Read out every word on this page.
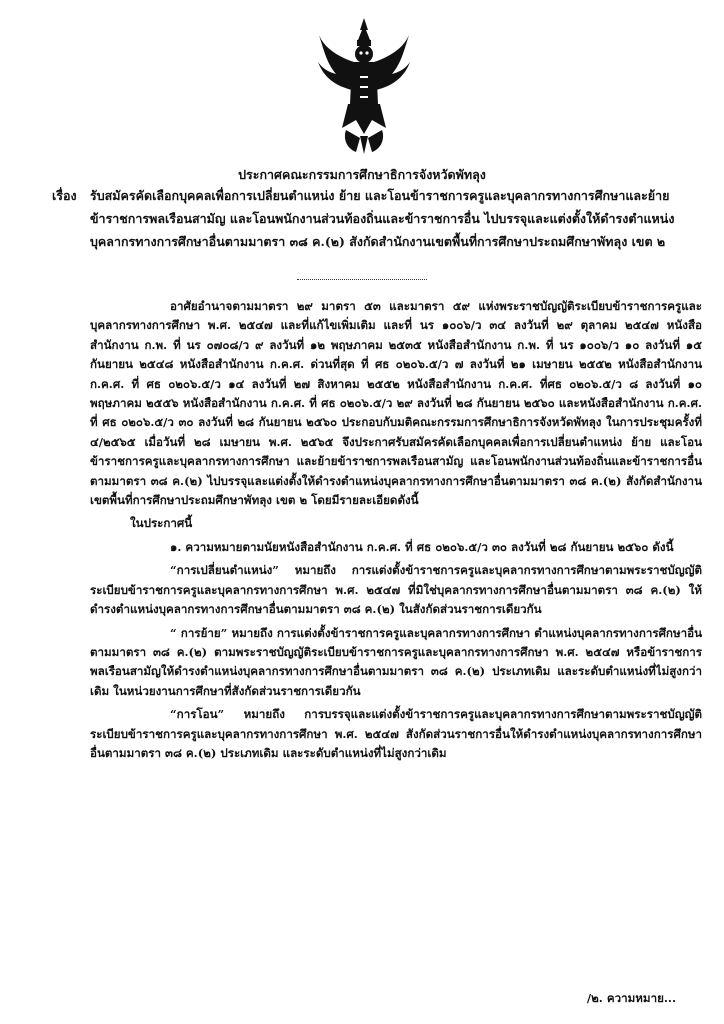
ประกาศคณะกรรมการศึกษาธิการจังหวัดพัทลุง
เรื่อง รับสมัครคัดเลือกบุคคลเพื่อการเปลี่ยนตำแหน่ง ย้าย และโอนข้าราชการครูและบุคลากรทางการศึกษาและย้ายข้าราชการพลเรือนสามัญ และโอนพนักงานส่วนท้องถิ่นและข้าราชการอื่น ไปบรรจุและแต่งตั้งให้ดำรงตำแหน่งบุคลากรทางการศึกษาอื่นตามมาตรา ๓๘ ค.(๒) สังกัดสำนักงานเขตพื้นที่การศึกษาประถมศึกษาพัทลุง เขต ๒

อาศัยอำนาจตามมาตรา ๒๙ มาตรา ๕๓ และมาตรา ๕๙ แห่งพระราชบัญญัติระเบียบข้าราชการครูและบุคลากรทางการศึกษา พ.ศ. ๒๕๔๗ และที่แก้ไขเพิ่มเติม และที่ นร ๑๐๐๖/ว ๓๔ ลงวันที่ ๒๙ ตุลาคม ๒๕๔๗ หนังสือสำนักงาน ก.พ. ที่ นร ๐๗๐๘/ว ๙ ลงวันที่ ๑๒ พฤษภาคม ๒๕๓๕ หนังสือสำนักงาน ก.พ. ที่ นร ๑๐๐๖/ว ๑๐ ลงวันที่ ๑๕ กันยายน ๒๕๔๘ หนังสือสำนักงาน ก.ค.ศ. ด่วนที่สุด ที่ ศธ ๐๒๐๖.๕/ว ๗ ลงวันที่ ๒๑ เมษายน ๒๕๕๒ หนังสือสำนักงาน ก.ค.ศ. ที่ ศธ ๐๒๐๖.๕/ว ๑๔ ลงวันที่ ๒๗ สิงหาคม ๒๕๕๒ หนังสือสำนักงาน ก.ค.ศ. ที่ศธ ๐๒๐๖.๕/ว ๘ ลงวันที่ ๑๐ พฤษภาคม ๒๕๕๖ หนังสือสำนักงาน ก.ค.ศ. ที่ ศธ ๐๒๐๖.๕/ว ๒๙ ลงวันที่ ๒๘ กันยายน ๒๕๖๐ และหนังสือสำนักงาน ก.ค.ศ. ที่ ศธ ๐๒๐๖.๕/ว ๓๐ ลงวันที่ ๒๘ กันยายน ๒๕๖๐ ประกอบกับมติคณะกรรมการศึกษาธิการจังหวัดพัทลุง ในการประชุมครั้งที่ ๔/๒๕๖๕ เมื่อวันที่ ๒๘ เมษายน พ.ศ. ๒๕๖๕ จึงประกาศรับสมัครคัดเลือกบุคคลเพื่อการเปลี่ยนตำแหน่ง ย้าย และโอนข้าราชการครูและบุคลากรทางการศึกษา และย้ายข้าราชการพลเรือนสามัญ และโอนพนักงานส่วนท้องถิ่นและข้าราชการอื่นตามมาตรา ๓๘ ค.(๒) ไปบรรจุและแต่งตั้งให้ดำรงตำแหน่งบุคลากรทางการศึกษาอื่นตามมาตรา ๓๘ ค.(๒) สังกัดสำนักงานเขตพื้นที่การศึกษาประถมศึกษาพัทลุง เขต ๒ โดยมีรายละเอียดดังนี้

ในประกาศนี้

๑. ความหมายตามนัยหนังสือสำนักงาน ก.ค.ศ. ที่ ศธ ๐๒๐๖.๕/ว ๓๐ ลงวันที่ ๒๘ กันยายน ๒๕๖๐ ดังนี้

“การเปลี่ยนตำแหน่ง” หมายถึง การแต่งตั้งข้าราชการครูและบุคลากรทางการศึกษาตามพระราชบัญญัติระเบียบข้าราชการครูและบุคลากรทางการศึกษา พ.ศ. ๒๕๔๗ ที่มิใช่บุคลากรทางการศึกษาอื่นตามมาตรา ๓๘ ค.(๒) ให้ดำรงตำแหน่งบุคลากรทางการศึกษาอื่นตามมาตรา ๓๘ ค.(๒) ในสังกัดส่วนราชการเดียวกัน

“ การย้าย” หมายถึง การแต่งตั้งข้าราชการครูและบุคลากรทางการศึกษา ตำแหน่งบุคลากรทางการศึกษาอื่นตามมาตรา ๓๘ ค.(๒) ตามพระราชบัญญัติระเบียบข้าราชการครูและบุคลากรทางการศึกษา พ.ศ. ๒๕๔๗ หรือข้าราชการพลเรือนสามัญให้ดำรงตำแหน่งบุคลากรทางการศึกษาอื่นตามมาตรา ๓๘ ค.(๒) ประเภทเดิม และระดับตำแหน่งที่ไม่สูงกว่าเดิม ในหน่วยงานการศึกษาที่สังกัดส่วนราชการเดียวกัน

“การโอน” หมายถึง การบรรจุและแต่งตั้งข้าราชการครูและบุคลากรทางการศึกษาตามพระราชบัญญัติระเบียบข้าราชการครูและบุคลากรทางการศึกษา พ.ศ. ๒๕๔๗ สังกัดส่วนราชการอื่นให้ดำรงตำแหน่งบุคลากรทางการศึกษาอื่นตามมาตรา ๓๘ ค.(๒) ประเภทเดิม และระดับตำแหน่งที่ไม่สูงกว่าเดิม

/๒. ความหมาย...
